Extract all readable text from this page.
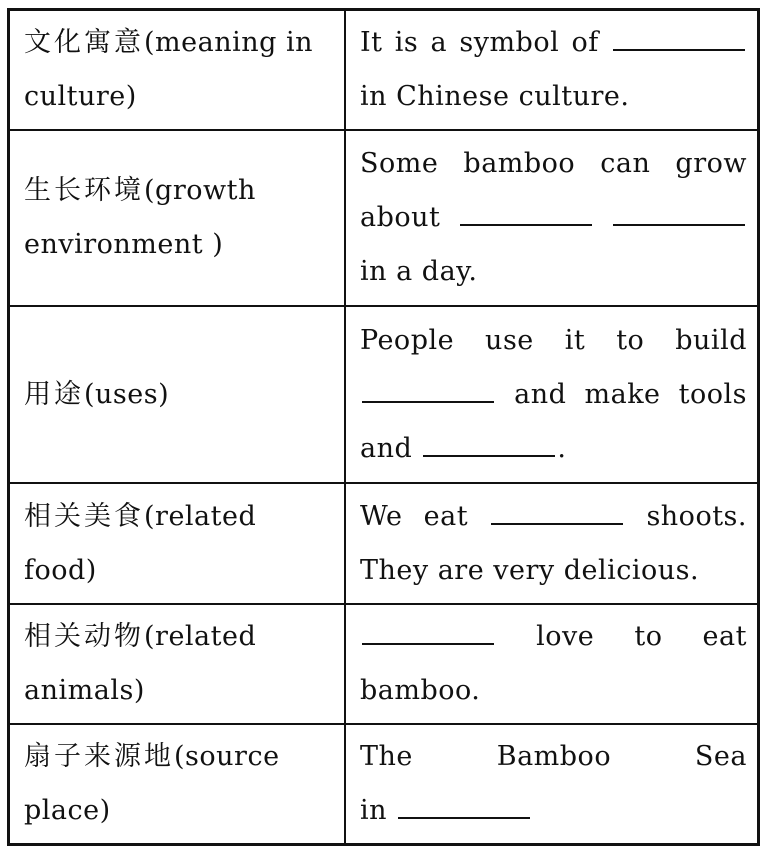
文化寓意(meaning in culture)	It is a symbol of
in Chinese culture.

生长环境(growth environment )	Some bamboo can grow
about
in a day.

用途(uses)	People use it to build
and make tools
and .

相关美食(related food)	We eat shoots.
They are very delicious.

相关动物(related animals)	love to eat
bamboo.

扇子来源地(source place)	The Bamboo Sea
in
